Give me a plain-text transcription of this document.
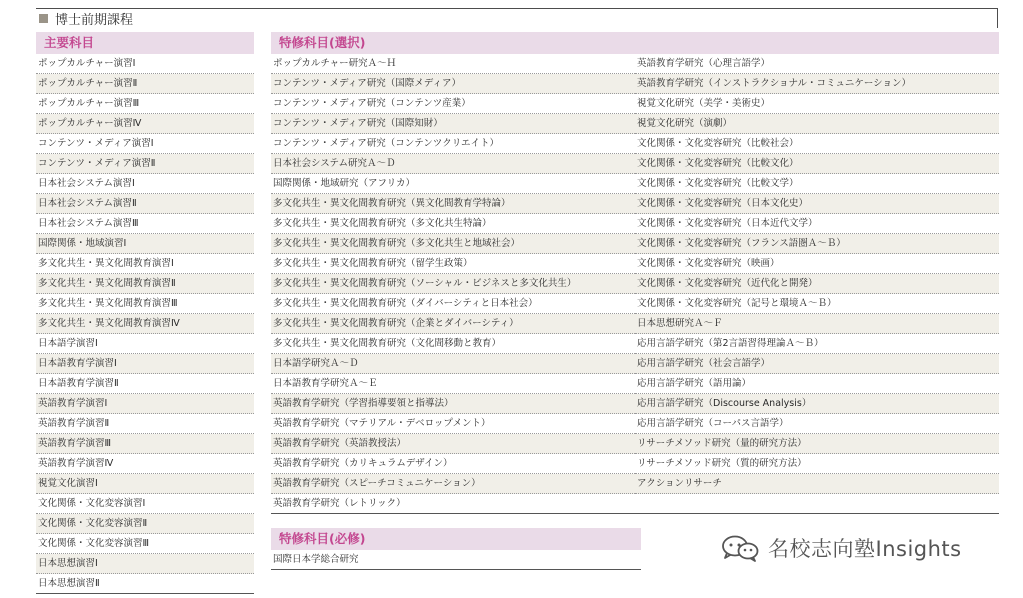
博士前期課程
主要科目
ポップカルチャー演習Ⅰ
ポップカルチャー演習Ⅱ
ポップカルチャー演習Ⅲ
ポップカルチャー演習Ⅳ
コンテンツ・メディア演習Ⅰ
コンテンツ・メディア演習Ⅱ
日本社会システム演習Ⅰ
日本社会システム演習Ⅱ
日本社会システム演習Ⅲ
国際関係・地域演習Ⅰ
多文化共生・異文化間教育演習Ⅰ
多文化共生・異文化間教育演習Ⅱ
多文化共生・異文化間教育演習Ⅲ
多文化共生・異文化間教育演習Ⅳ
日本語学演習Ⅰ
日本語教育学演習Ⅰ
日本語教育学演習Ⅱ
英語教育学演習Ⅰ
英語教育学演習Ⅱ
英語教育学演習Ⅲ
英語教育学演習Ⅳ
視覚文化演習Ⅰ
文化関係・文化変容演習Ⅰ
文化関係・文化変容演習Ⅱ
文化関係・文化変容演習Ⅲ
日本思想演習Ⅰ
日本思想演習Ⅱ
特修科目(選択)
ポップカルチャー研究Ａ～Ｈ
コンテンツ・メディア研究（国際メディア）
コンテンツ・メディア研究（コンテンツ産業）
コンテンツ・メディア研究（国際知財）
コンテンツ・メディア研究（コンテンツクリエイト）
日本社会システム研究Ａ～Ｄ
国際関係・地域研究（アフリカ）
多文化共生・異文化間教育研究（異文化間教育学特論）
多文化共生・異文化間教育研究（多文化共生特論）
多文化共生・異文化間教育研究（多文化共生と地域社会）
多文化共生・異文化間教育研究（留学生政策）
多文化共生・異文化間教育研究（ソーシャル・ビジネスと多文化共生）
多文化共生・異文化間教育研究（ダイバーシティと日本社会）
多文化共生・異文化間教育研究（企業とダイバーシティ）
多文化共生・異文化間教育研究（文化間移動と教育）
日本語学研究Ａ～Ｄ
日本語教育学研究Ａ～Ｅ
英語教育学研究（学習指導要領と指導法）
英語教育学研究（マテリアル・デベロップメント）
英語教育学研究（英語教授法）
英語教育学研究（カリキュラムデザイン）
英語教育学研究（スピーチコミュニケーション）
英語教育学研究（レトリック）
英語教育学研究（心理言語学）
英語教育学研究（インストラクショナル・コミュニケーション）
視覚文化研究（美学・美術史）
視覚文化研究（演劇）
文化関係・文化変容研究（比較社会）
文化関係・文化変容研究（比較文化）
文化関係・文化変容研究（比較文学）
文化関係・文化変容研究（日本文化史）
文化関係・文化変容研究（日本近代文学）
文化関係・文化変容研究（フランス語圏Ａ～Ｂ）
文化関係・文化変容研究（映画）
文化関係・文化変容研究（近代化と開発）
文化関係・文化変容研究（記号と環境Ａ～Ｂ）
日本思想研究Ａ～Ｆ
応用言語学研究（第2言語習得理論Ａ～Ｂ）
応用言語学研究（社会言語学）
応用言語学研究（語用論）
応用言語学研究（Discourse Analysis）
応用言語学研究（コーパス言語学）
リサーチメソッド研究（量的研究方法）
リサーチメソッド研究（質的研究方法）
アクションリサーチ
特修科目(必修)
国際日本学総合研究	名校志向塾Insights
